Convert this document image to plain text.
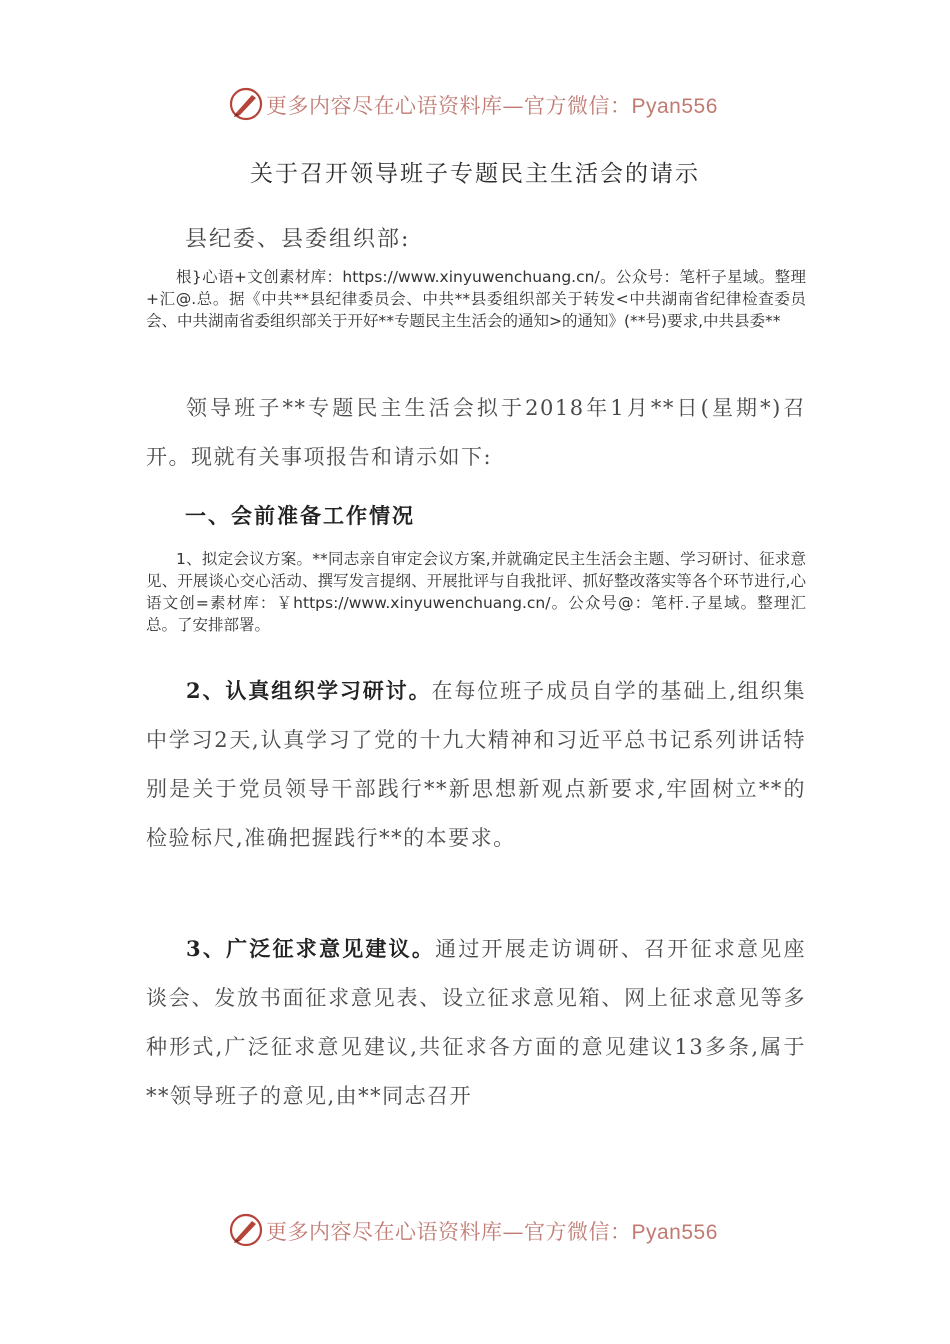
更多内容尽在心语资料库—官方微信：Pyan556
关于召开领导班子专题民主生活会的请示
县纪委、县委组织部:
根}心语+文创素材库：https://www.xinyuwenchuang.cn/。公众号：笔杆子星域。整理+汇@.总。据《中共**县纪律委员会、中共**县委组织部关于转发<中共湖南省纪律检查委员会、中共湖南省委组织部关于开好**专题民主生活会的通知>的通知》(**号)要求,中共县委**
领导班子**专题民主生活会拟于2018年1月**日(星期*)召开。现就有关事项报告和请示如下:
一、会前准备工作情况
1、拟定会议方案。**同志亲自审定会议方案,并就确定民主生活会主题、学习研讨、征求意见、开展谈心交心活动、撰写发言提纲、开展批评与自我批评、抓好整改落实等各个环节进行,心语文创=素材库：￥https://www.xinyuwenchuang.cn/。公众号@：笔杆.子星域。整理汇总。了安排部署。
2、认真组织学习研讨。在每位班子成员自学的基础上,组织集中学习2天,认真学习了党的十九大精神和习近平总书记系列讲话特别是关于党员领导干部践行**新思想新观点新要求,牢固树立**的检验标尺,准确把握践行**的本要求。
3、广泛征求意见建议。通过开展走访调研、召开征求意见座谈会、发放书面征求意见表、设立征求意见箱、网上征求意见等多种形式,广泛征求意见建议,共征求各方面的意见建议13多条,属于**领导班子的意见,由**同志召开
更多内容尽在心语资料库—官方微信：Pyan556
